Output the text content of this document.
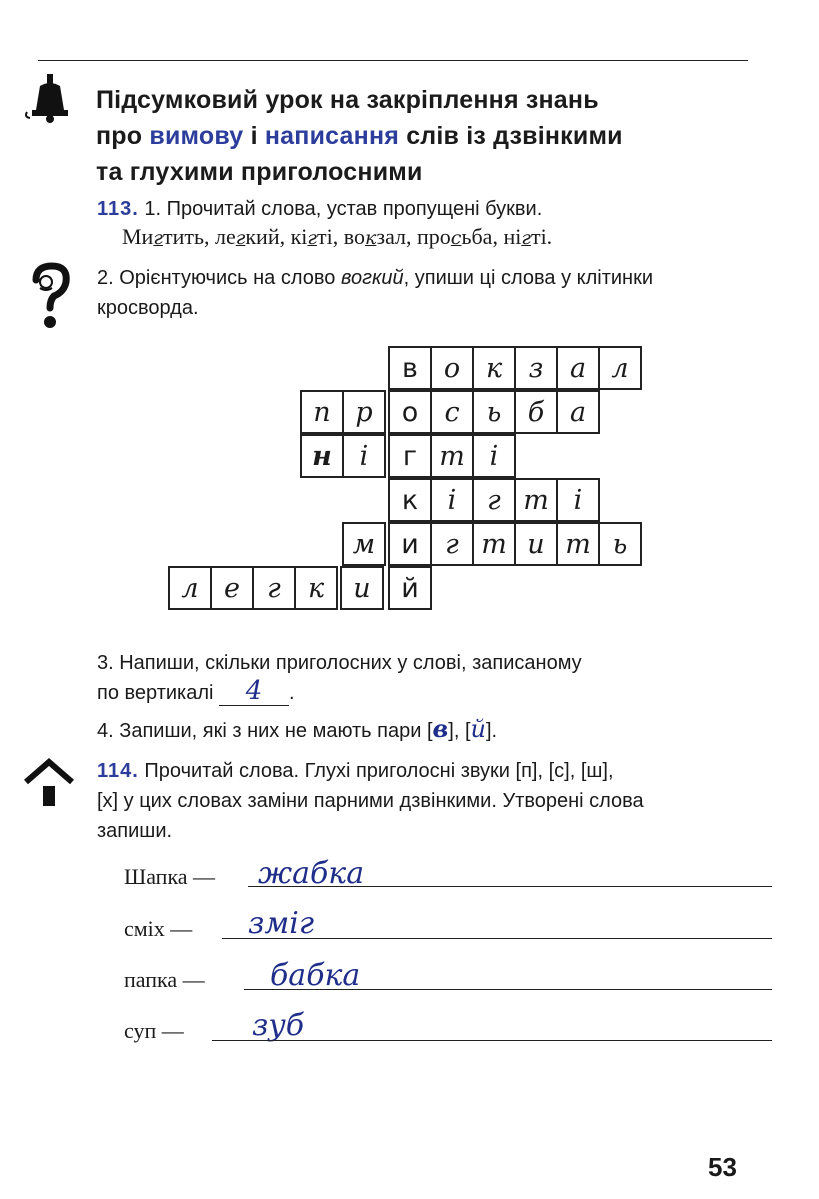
Підсумковий урок на закріплення знань
про вимову і написання слів із дзвінкими
та глухими приголосними
113. 1. Прочитай слова, устав пропущені букви.
Мигтить, легкий, кігті, вокзал, просьба, нігті.
2. Орієнтуючись на слово вогкий, упиши ці слова у клітинки
кросворда.
в о к з а л
п р	о с	ь б а
н	і	г т і
к	і	г т і
м и г т и т ь
л е	г	к	и	й
3. Напиши, скільки приголосних у слові, записаному
по вертикалі 4 .
4. Запиши, які з них не мають пари [в], [й].
114. Прочитай слова. Глухі приголосні звуки [п], [с], [ш],
[х] у цих словах заміни парними дзвінкими. Утворені слова
запиши.
Шапка — жабка
сміх — зміг
папка — бабка
суп — зуб
53
